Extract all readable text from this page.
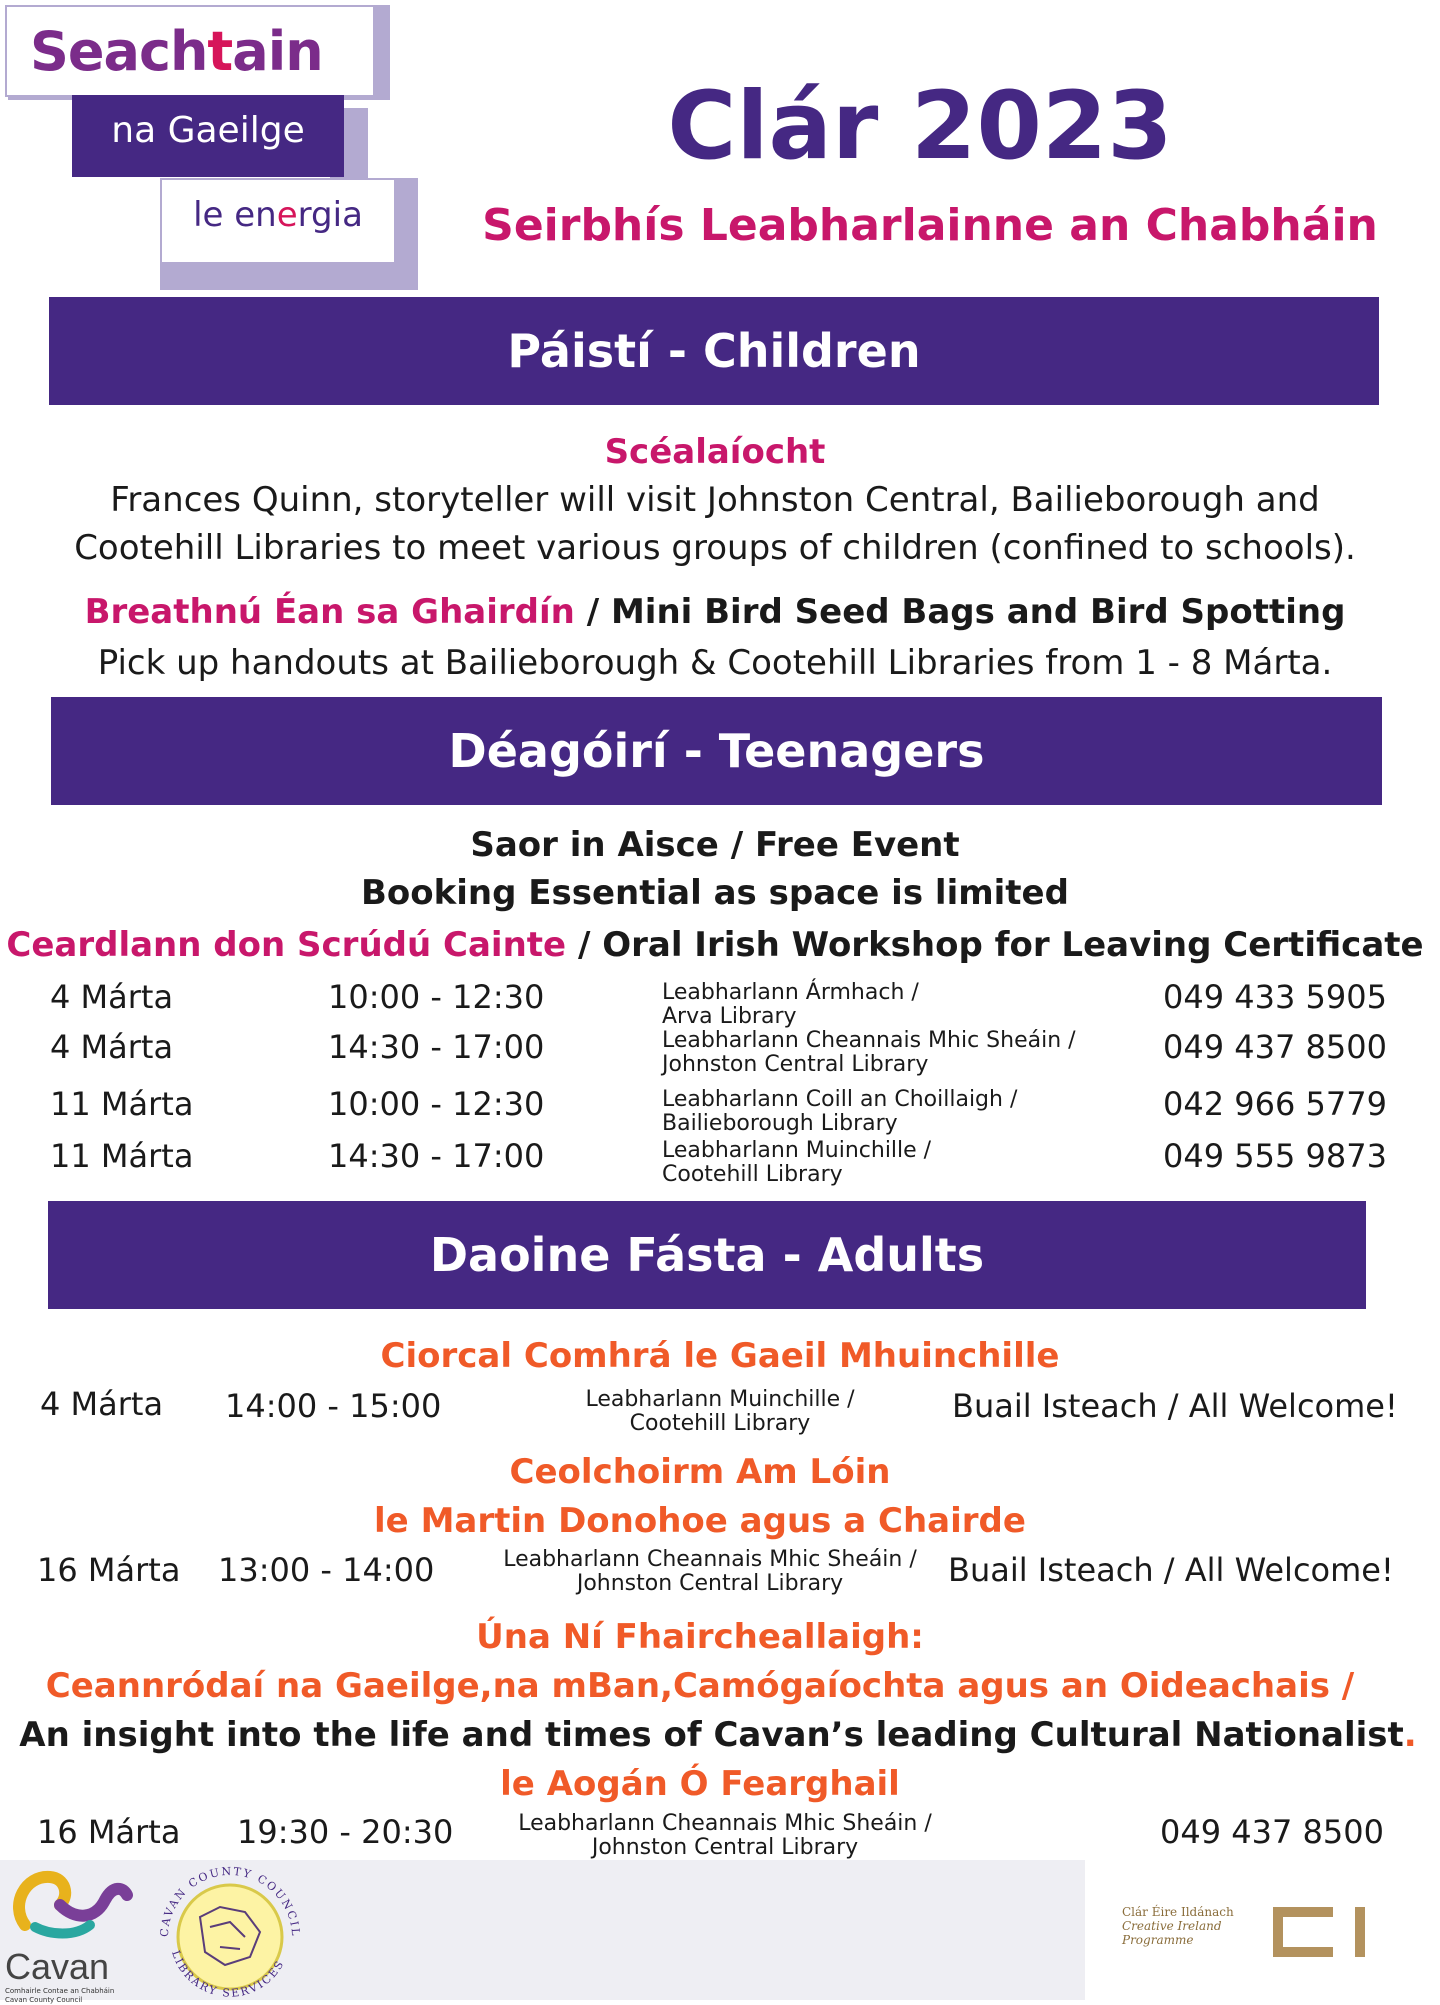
Seachtain
na Gaeilge
le energia
Clár 2023
Seirbhís Leabharlainne an Chabháin
Páistí - Children
Scéalaíocht
Frances Quinn, storyteller will visit Johnston Central, Bailieborough and
Cootehill Libraries to meet various groups of children (confined to schools).
Breathnú Éan sa Ghairdín / Mini Bird Seed Bags and Bird Spotting
Pick up handouts at Bailieborough & Cootehill Libraries from 1 - 8 Márta.
Déagóirí - Teenagers
Saor in Aisce / Free Event
Booking Essential as space is limited
Ceardlann don Scrúdú Cainte / Oral Irish Workshop for Leaving Certificate
4 Márta	10:00 - 12:30	Leabharlann Ármhach /
Arva Library
049 433 5905
4 Márta	14:30 - 17:00	Leabharlann Cheannais Mhic Sheáin /
Johnston Central Library	049 437 8500
11 Márta	10:00 - 12:30	Leabharlann Coill an Choillaigh /
Bailieborough Library
042 966 5779
11 Márta	14:30 - 17:00	Leabharlann Muinchille /
Cootehill Library	049 555 9873
Daoine Fásta - Adults
Ciorcal Comhrá le Gaeil Mhuinchille
4 Márta 14:00 - 15:00	Leabharlann Muinchille /
Cootehill Library	Buail Isteach / All Welcome!
Ceolchoirm Am Lóin
le Martin Donohoe agus a Chairde
16 Márta 13:00 - 14:00	Leabharlann Cheannais Mhic Sheáin /
Johnston Central Library	Buail Isteach / All Welcome!
Úna Ní Fhaircheallaigh:
Ceannródaí na Gaeilge,na mBan,Camógaíochta agus an Oideachais /
An insight into the life and times of Cavan’s leading Cultural Nationalist.
le Aogán Ó Fearghail
16 Márta 19:30 - 20:30	Leabharlann Cheannais Mhic Sheáin /
Johnston Central Library	049 437 8500
Cavan
Comhairle Contae an Chabháin
Cavan County Council
CAVAN COUNTY COUNCIL
LIBRARY SERVICES
Clár Éire Ildánach
Creative Ireland
Programme
